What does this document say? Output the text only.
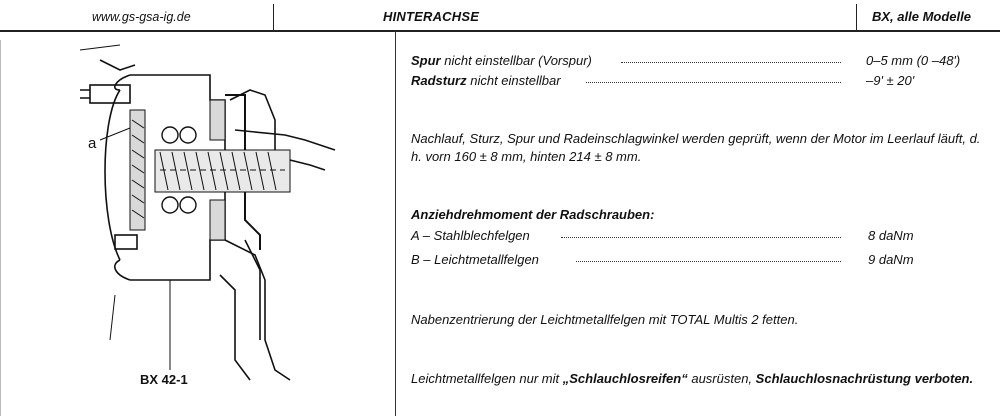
www.gs-gsa-ig.de	HINTERACHSE	BX, alle Modelle
a
BX 42-1
Spur nicht einstellbar (Vorspur)	0–5 mm (0 –48')
Radsturz nicht einstellbar	–9' ± 20'
Nachlauf, Sturz, Spur und Radeinschlagwinkel werden geprüft, wenn der Motor im Leerlauf läuft, d. h. vorn 160 ± 8 mm, hinten 214 ± 8 mm.
Anziehdrehmoment der Radschrauben:
A – Stahlblechfelgen	8 daNm
B – Leichtmetallfelgen	9 daNm
Nabenzentrierung der Leichtmetallfelgen mit TOTAL Multis 2 fetten.
Leichtmetallfelgen nur mit „Schlauchlosreifen“ ausrüsten, Schlauchlosnachrüstung verboten.
